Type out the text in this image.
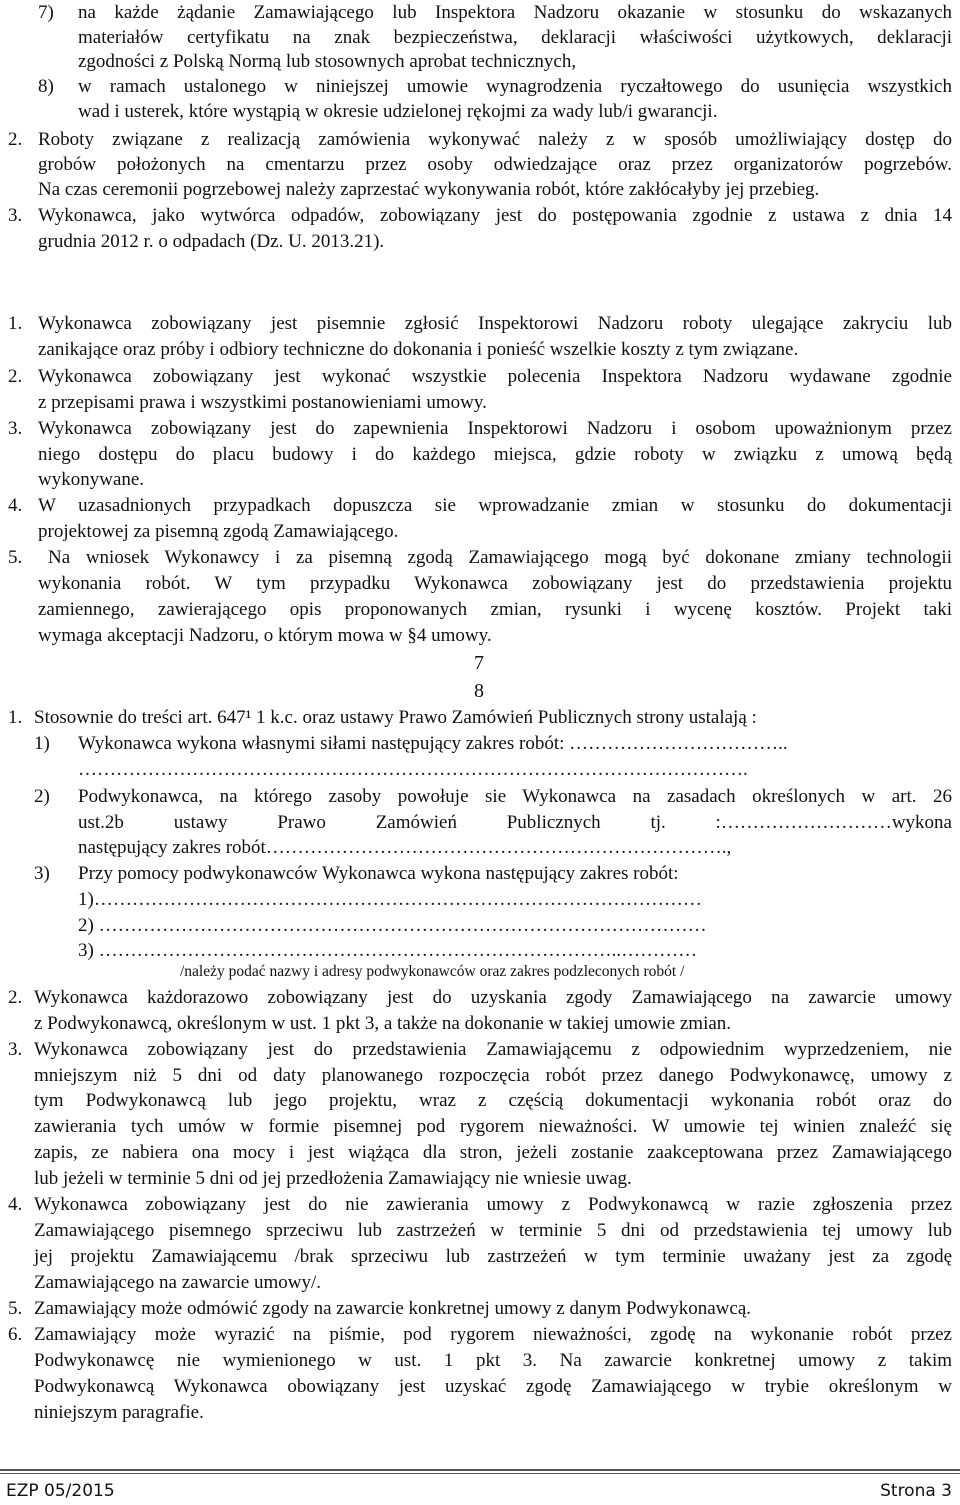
7) na każde żądanie Zamawiającego lub Inspektora Nadzoru okazanie w stosunku do wskazanych
materiałów certyfikatu na znak bezpieczeństwa, deklaracji właściwości użytkowych, deklaracji
zgodności z Polską Normą lub stosownych aprobat technicznych,
8) w ramach ustalonego w niniejszej umowie wynagrodzenia ryczałtowego do usunięcia wszystkich
wad i usterek, które wystąpią w okresie udzielonej rękojmi za wady lub/i gwarancji.
2. Roboty związane z realizacją zamówienia wykonywać należy z w sposób umożliwiający dostęp do
grobów położonych na cmentarzu przez osoby odwiedzające oraz przez organizatorów pogrzebów.
Na czas ceremonii pogrzebowej należy zaprzestać wykonywania robót, które zakłócałyby jej przebieg.
3. Wykonawca, jako wytwórca odpadów, zobowiązany jest do postępowania zgodnie z ustawa z dnia 14
grudnia 2012 r. o odpadach (Dz. U. 2013.21).
1. Wykonawca zobowiązany jest pisemnie zgłosić Inspektorowi Nadzoru roboty ulegające zakryciu lub
zanikające oraz próby i odbiory techniczne do dokonania i ponieść wszelkie koszty z tym związane.
2. Wykonawca zobowiązany jest wykonać wszystkie polecenia Inspektora Nadzoru wydawane zgodnie
z przepisami prawa i wszystkimi postanowieniami umowy.
3. Wykonawca zobowiązany jest do zapewnienia Inspektorowi Nadzoru i osobom upoważnionym przez
niego dostępu do placu budowy i do każdego miejsca, gdzie roboty w związku z umową będą
wykonywane.
4. W uzasadnionych przypadkach dopuszcza sie wprowadzanie zmian w stosunku do dokumentacji
projektowej za pisemną zgodą Zamawiającego.
5. Na wniosek Wykonawcy i za pisemną zgodą Zamawiającego mogą być dokonane zmiany technologii
wykonania robót. W tym przypadku Wykonawca zobowiązany jest do przedstawienia projektu
zamiennego, zawierającego opis proponowanych zmian, rysunki i wycenę kosztów. Projekt taki
wymaga akceptacji Nadzoru, o którym mowa w §4 umowy.
1. Stosownie do treści art. 647¹ 1 k.c. oraz ustawy Prawo Zamówień Publicznych strony ustalają :
1) Wykonawca wykona własnymi siłami następujący zakres robót: ……………………………..
…………………………………………………………………………………………….
2) Podwykonawca, na którego zasoby powołuje sie Wykonawca na zasadach określonych w art. 26
ust.2b ustawy Prawo Zamówień Publicznych tj. :………………………wykona
następujący zakres robót……………………………………………………………….,
3) Przy pomocy podwykonawców Wykonawca wykona następujący zakres robót:
1)……………………………………………………………………………………
2) ……………………………………………………………………………………
3) ………………………………………………………………………..…………
2. Wykonawca każdorazowo zobowiązany jest do uzyskania zgody Zamawiającego na zawarcie umowy
z Podwykonawcą, określonym w ust. 1 pkt 3, a także na dokonanie w takiej umowie zmian.
3. Wykonawca zobowiązany jest do przedstawienia Zamawiającemu z odpowiednim wyprzedzeniem, nie
mniejszym niż 5 dni od daty planowanego rozpoczęcia robót przez danego Podwykonawcę, umowy z
tym Podwykonawcą lub jego projektu, wraz z częścią dokumentacji wykonania robót oraz do
zawierania tych umów w formie pisemnej pod rygorem nieważności. W umowie tej winien znaleźć się
zapis, ze nabiera ona mocy i jest wiążąca dla stron, jeżeli zostanie zaakceptowana przez Zamawiającego
lub jeżeli w terminie 5 dni od jej przedłożenia Zamawiający nie wniesie uwag.
4. Wykonawca zobowiązany jest do nie zawierania umowy z Podwykonawcą w razie zgłoszenia przez
Zamawiającego pisemnego sprzeciwu lub zastrzeżeń w terminie 5 dni od przedstawienia tej umowy lub
jej projektu Zamawiającemu /brak sprzeciwu lub zastrzeżeń w tym terminie uważany jest za zgodę
Zamawiającego na zawarcie umowy/.
5. Zamawiający może odmówić zgody na zawarcie konkretnej umowy z danym Podwykonawcą.
6. Zamawiający może wyrazić na piśmie, pod rygorem nieważności, zgodę na wykonanie robót przez
Podwykonawcę nie wymienionego w ust. 1 pkt 3. Na zawarcie konkretnej umowy z takim
Podwykonawcą Wykonawca obowiązany jest uzyskać zgodę Zamawiającego w trybie określonym w
niniejszym paragrafie.
7
8
/należy podać nazwy i adresy podwykonawców oraz zakres podzleconych robót /
EZP 05/2015	Strona 3
